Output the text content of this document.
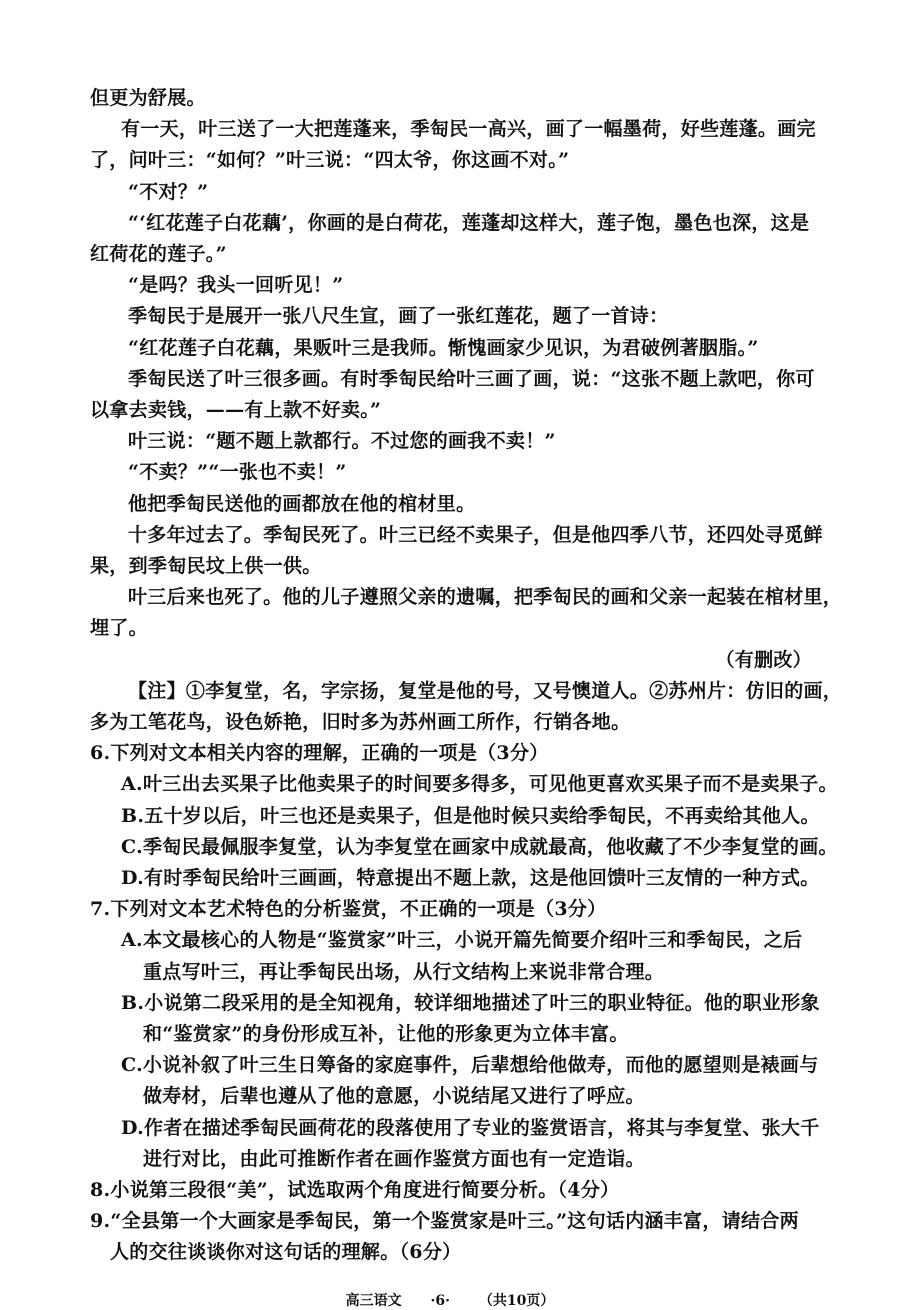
但更为舒展。
有一天，叶三送了一大把莲蓬来，季匋民一高兴，画了一幅墨荷，好些莲蓬。画完
了，问叶三：“如何？”叶三说：“四太爷，你这画不对。”
“不对？”
“‘红花莲子白花藕’，你画的是白荷花，莲蓬却这样大，莲子饱，墨色也深，这是
红荷花的莲子。”
“是吗？我头一回听见！”
季匋民于是展开一张八尺生宣，画了一张红莲花，题了一首诗：
“红花莲子白花藕，果贩叶三是我师。惭愧画家少见识，为君破例著胭脂。”
季匋民送了叶三很多画。有时季匋民给叶三画了画，说：“这张不题上款吧，你可
以拿去卖钱，——有上款不好卖。”
叶三说：“题不题上款都行。不过您的画我不卖！”
“不卖？”“一张也不卖！”
他把季匋民送他的画都放在他的棺材里。
十多年过去了。季匋民死了。叶三已经不卖果子，但是他四季八节，还四处寻觅鲜
果，到季匋民坟上供一供。
叶三后来也死了。他的儿子遵照父亲的遗嘱，把季匋民的画和父亲一起装在棺材里，
埋了。
（有删改）
【注】①李复堂，名，字宗扬，复堂是他的号，又号懊道人。②苏州片：仿旧的画，
多为工笔花鸟，设色娇艳，旧时多为苏州画工所作，行销各地。
6.下列对文本相关内容的理解，正确的一项是（3分）
A.叶三出去买果子比他卖果子的时间要多得多，可见他更喜欢买果子而不是卖果子。
B.五十岁以后，叶三也还是卖果子，但是他时候只卖给季匋民，不再卖给其他人。
C.季匋民最佩服李复堂，认为李复堂在画家中成就最高，他收藏了不少李复堂的画。
D.有时季匋民给叶三画画，特意提出不题上款，这是他回馈叶三友情的一种方式。
7.下列对文本艺术特色的分析鉴赏，不正确的一项是（3分）
A.本文最核心的人物是“鉴赏家”叶三，小说开篇先简要介绍叶三和季匋民，之后
重点写叶三，再让季匋民出场，从行文结构上来说非常合理。
B.小说第二段采用的是全知视角，较详细地描述了叶三的职业特征。他的职业形象
和“鉴赏家”的身份形成互补，让他的形象更为立体丰富。
C.小说补叙了叶三生日筹备的家庭事件，后辈想给他做寿，而他的愿望则是裱画与
做寿材，后辈也遵从了他的意愿，小说结尾又进行了呼应。
D.作者在描述季匋民画荷花的段落使用了专业的鉴赏语言，将其与李复堂、张大千
进行对比，由此可推断作者在画作鉴赏方面也有一定造诣。
8.小说第三段很“美”，试选取两个角度进行简要分析。（4分）
9.“全县第一个大画家是季匋民，第一个鉴赏家是叶三。”这句话内涵丰富，请结合两
人的交往谈谈你对这句话的理解。（6分）
高三语文 ·6· （共10页）
